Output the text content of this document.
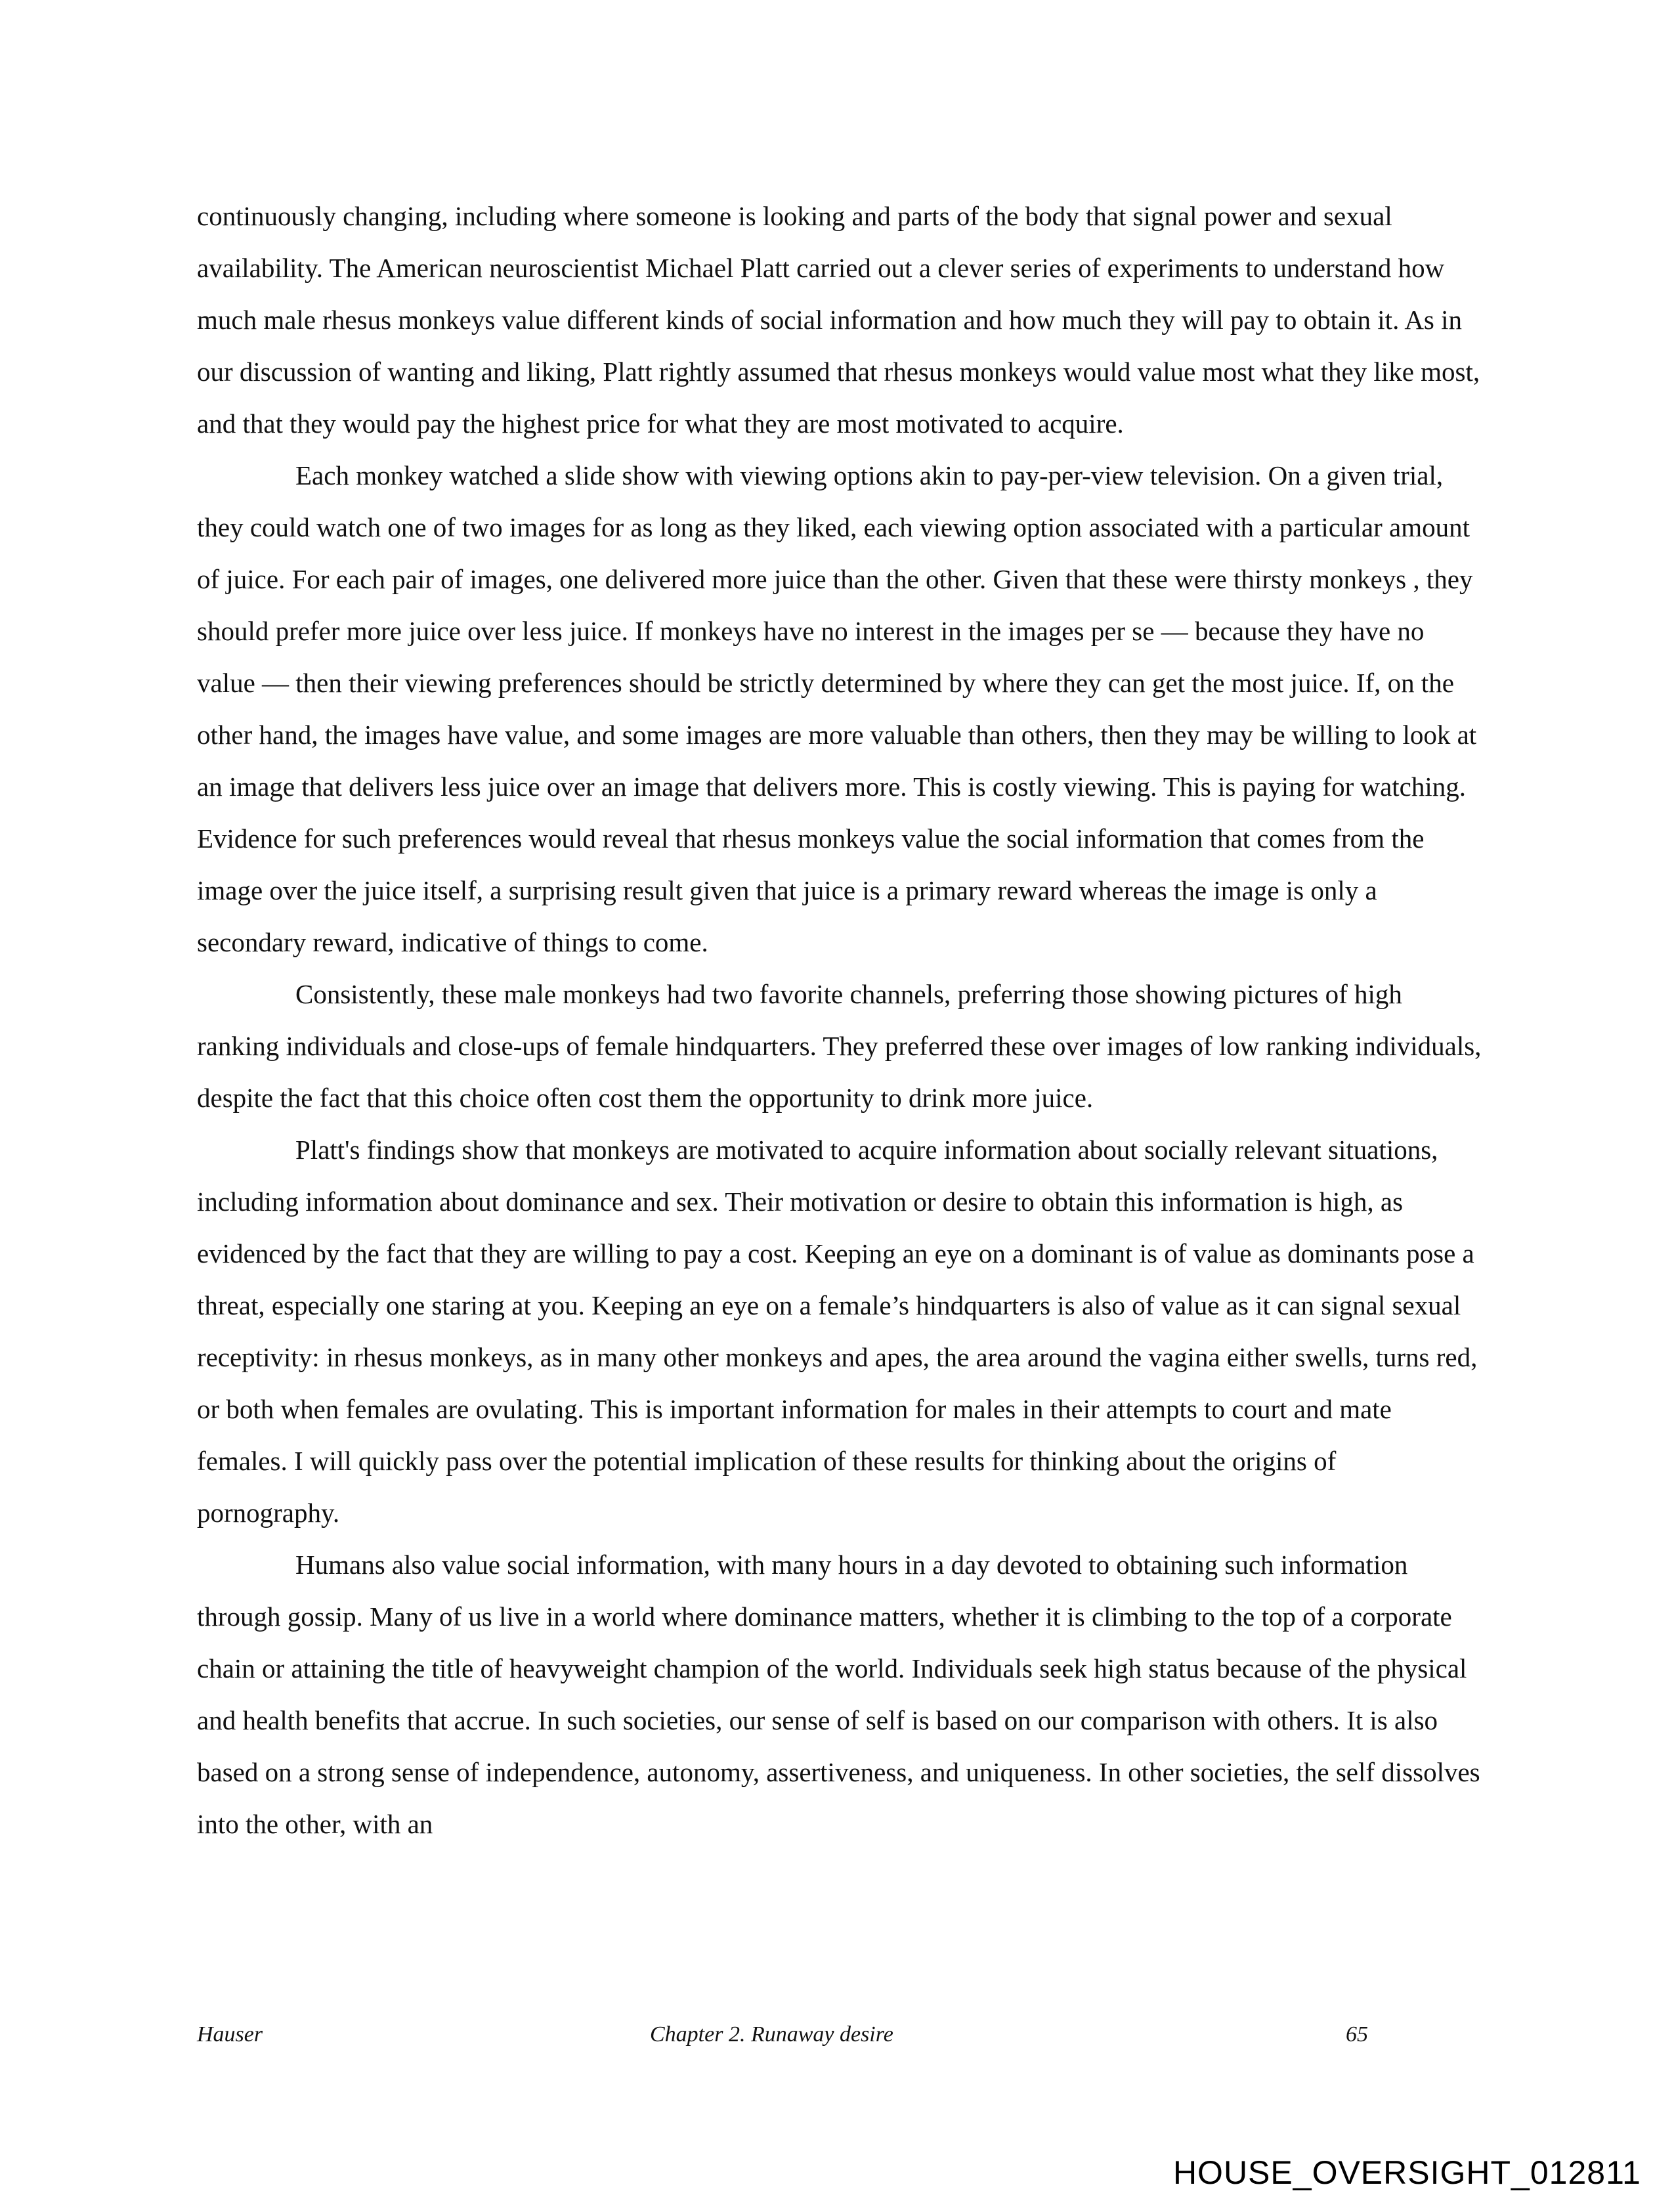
continuously changing, including where someone is looking and parts of the body that signal power and sexual availability. The American neuroscientist Michael Platt carried out a clever series of experiments to understand how much male rhesus monkeys value different kinds of social information and how much they will pay to obtain it. As in our discussion of wanting and liking, Platt rightly assumed that rhesus monkeys would value most what they like most, and that they would pay the highest price for what they are most motivated to acquire.

Each monkey watched a slide show with viewing options akin to pay-per-view television. On a given trial, they could watch one of two images for as long as they liked, each viewing option associated with a particular amount of juice. For each pair of images, one delivered more juice than the other. Given that these were thirsty monkeys , they should prefer more juice over less juice. If monkeys have no interest in the images per se — because they have no value — then their viewing preferences should be strictly determined by where they can get the most juice. If, on the other hand, the images have value, and some images are more valuable than others, then they may be willing to look at an image that delivers less juice over an image that delivers more. This is costly viewing. This is paying for watching. Evidence for such preferences would reveal that rhesus monkeys value the social information that comes from the image over the juice itself, a surprising result given that juice is a primary reward whereas the image is only a secondary reward, indicative of things to come.

Consistently, these male monkeys had two favorite channels, preferring those showing pictures of high ranking individuals and close-ups of female hindquarters. They preferred these over images of low ranking individuals, despite the fact that this choice often cost them the opportunity to drink more juice.

Platt's findings show that monkeys are motivated to acquire information about socially relevant situations, including information about dominance and sex. Their motivation or desire to obtain this information is high, as evidenced by the fact that they are willing to pay a cost. Keeping an eye on a dominant is of value as dominants pose a threat, especially one staring at you. Keeping an eye on a female’s hindquarters is also of value as it can signal sexual receptivity: in rhesus monkeys, as in many other monkeys and apes, the area around the vagina either swells, turns red, or both when females are ovulating. This is important information for males in their attempts to court and mate females. I will quickly pass over the potential implication of these results for thinking about the origins of pornography.

Humans also value social information, with many hours in a day devoted to obtaining such information through gossip. Many of us live in a world where dominance matters, whether it is climbing to the top of a corporate chain or attaining the title of heavyweight champion of the world. Individuals seek high status because of the physical and health benefits that accrue. In such societies, our sense of self is based on our comparison with others. It is also based on a strong sense of independence, autonomy, assertiveness, and uniqueness. In other societies, the self dissolves into the other, with an

Hauser	Chapter 2. Runaway desire	65
HOUSE_OVERSIGHT_012811
